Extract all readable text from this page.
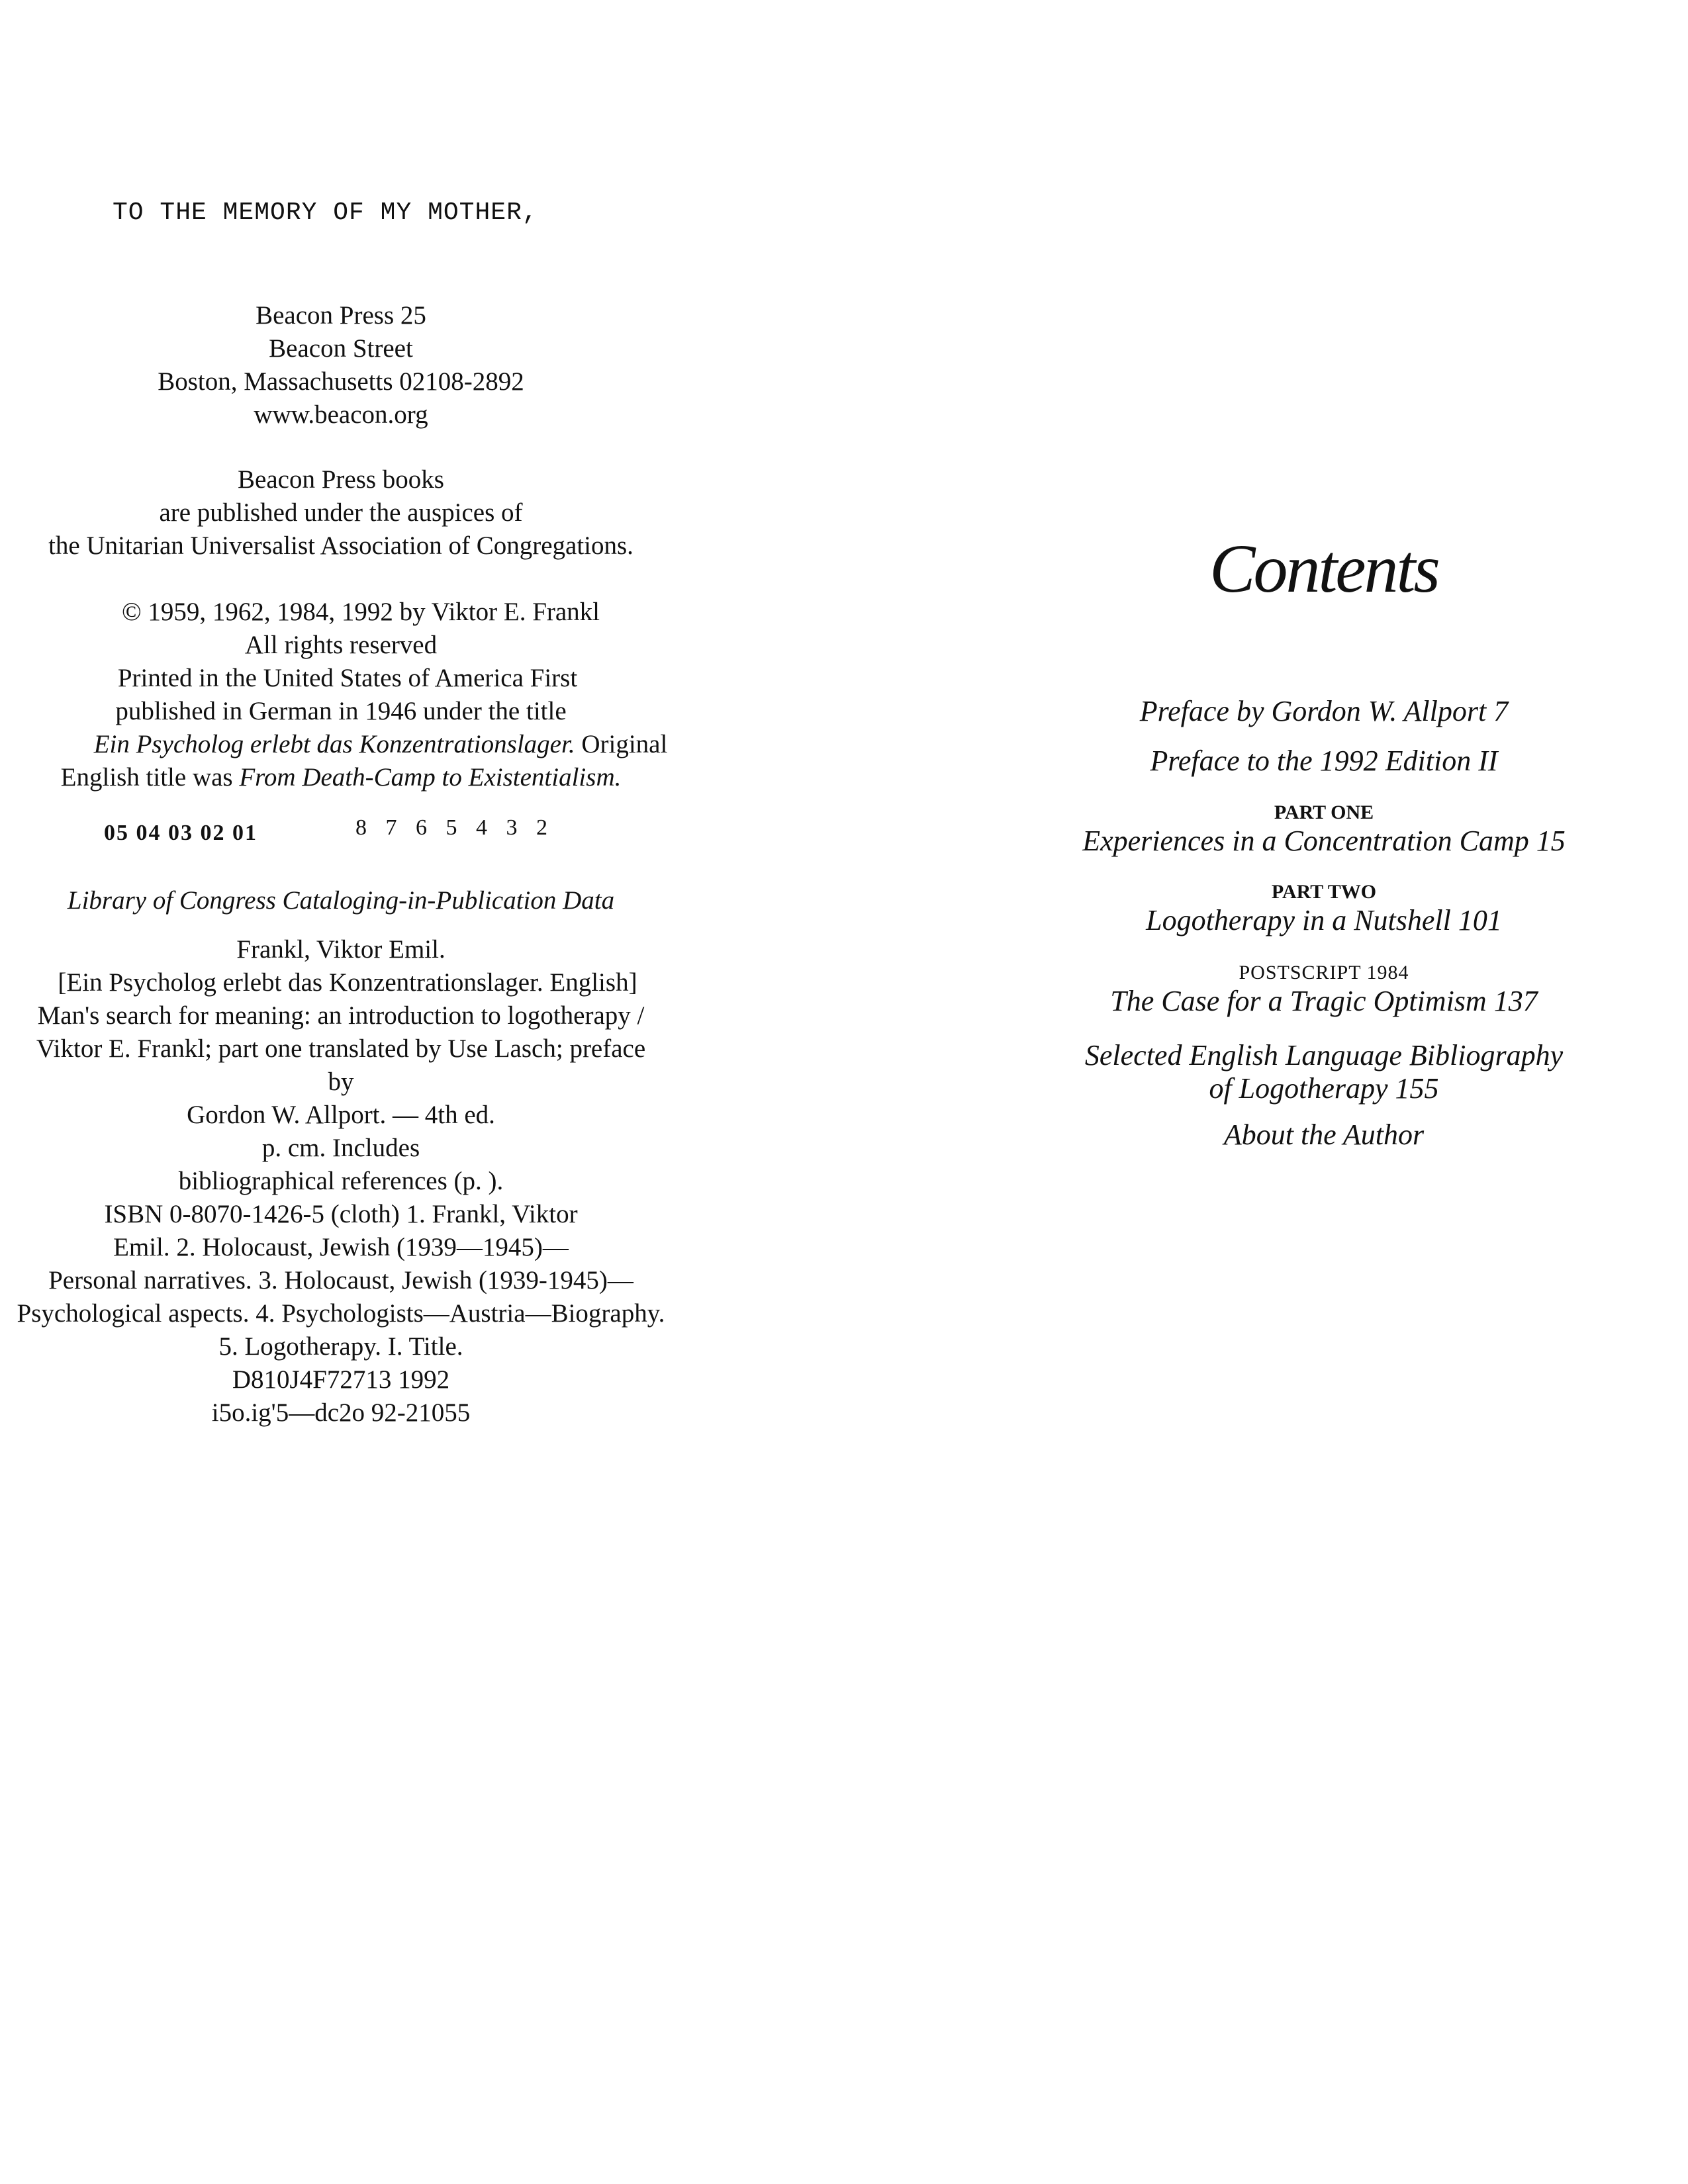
TO THE MEMORY OF MY MOTHER,
Beacon Press 25
Beacon Street
Boston, Massachusetts 02108-2892
www.beacon.org
Beacon Press books
are published under the auspices of
the Unitarian Universalist Association of Congregations.
© 1959, 1962, 1984, 1992 by Viktor E. Frankl
All rights reserved
Printed in the United States of America First
published in German in 1946 under the title
Ein Psycholog erlebt das Konzentrationslager. Original
English title was From Death-Camp to Existentialism.
05 04 03 02 01	8 7 6 5 4 3 2
Library of Congress Cataloging-in-Publication Data
Frankl, Viktor Emil.
[Ein Psycholog erlebt das Konzentrationslager. English]
Man's search for meaning: an introduction to logotherapy /
Viktor E. Frankl; part one translated by Use Lasch; preface
by
Gordon W. Allport. — 4th ed.
p. cm. Includes
bibliographical references (p. ).
ISBN 0-8070-1426-5 (cloth) 1. Frankl, Viktor
Emil. 2. Holocaust, Jewish (1939—1945)—
Personal narratives. 3. Holocaust, Jewish (1939-1945)—
Psychological aspects. 4. Psychologists—Austria—Biography.
5. Logotherapy. I. Title.
D810J4F72713 1992
i5o.ig'5—dc2o 92-21055
Contents
Preface by Gordon W. Allport 7
Preface to the 1992 Edition II
PART ONE
Experiences in a Concentration Camp 15
PART TWO
Logotherapy in a Nutshell 101
POSTSCRIPT 1984
The Case for a Tragic Optimism 137
Selected English Language Bibliography
of Logotherapy 155
About the Author
